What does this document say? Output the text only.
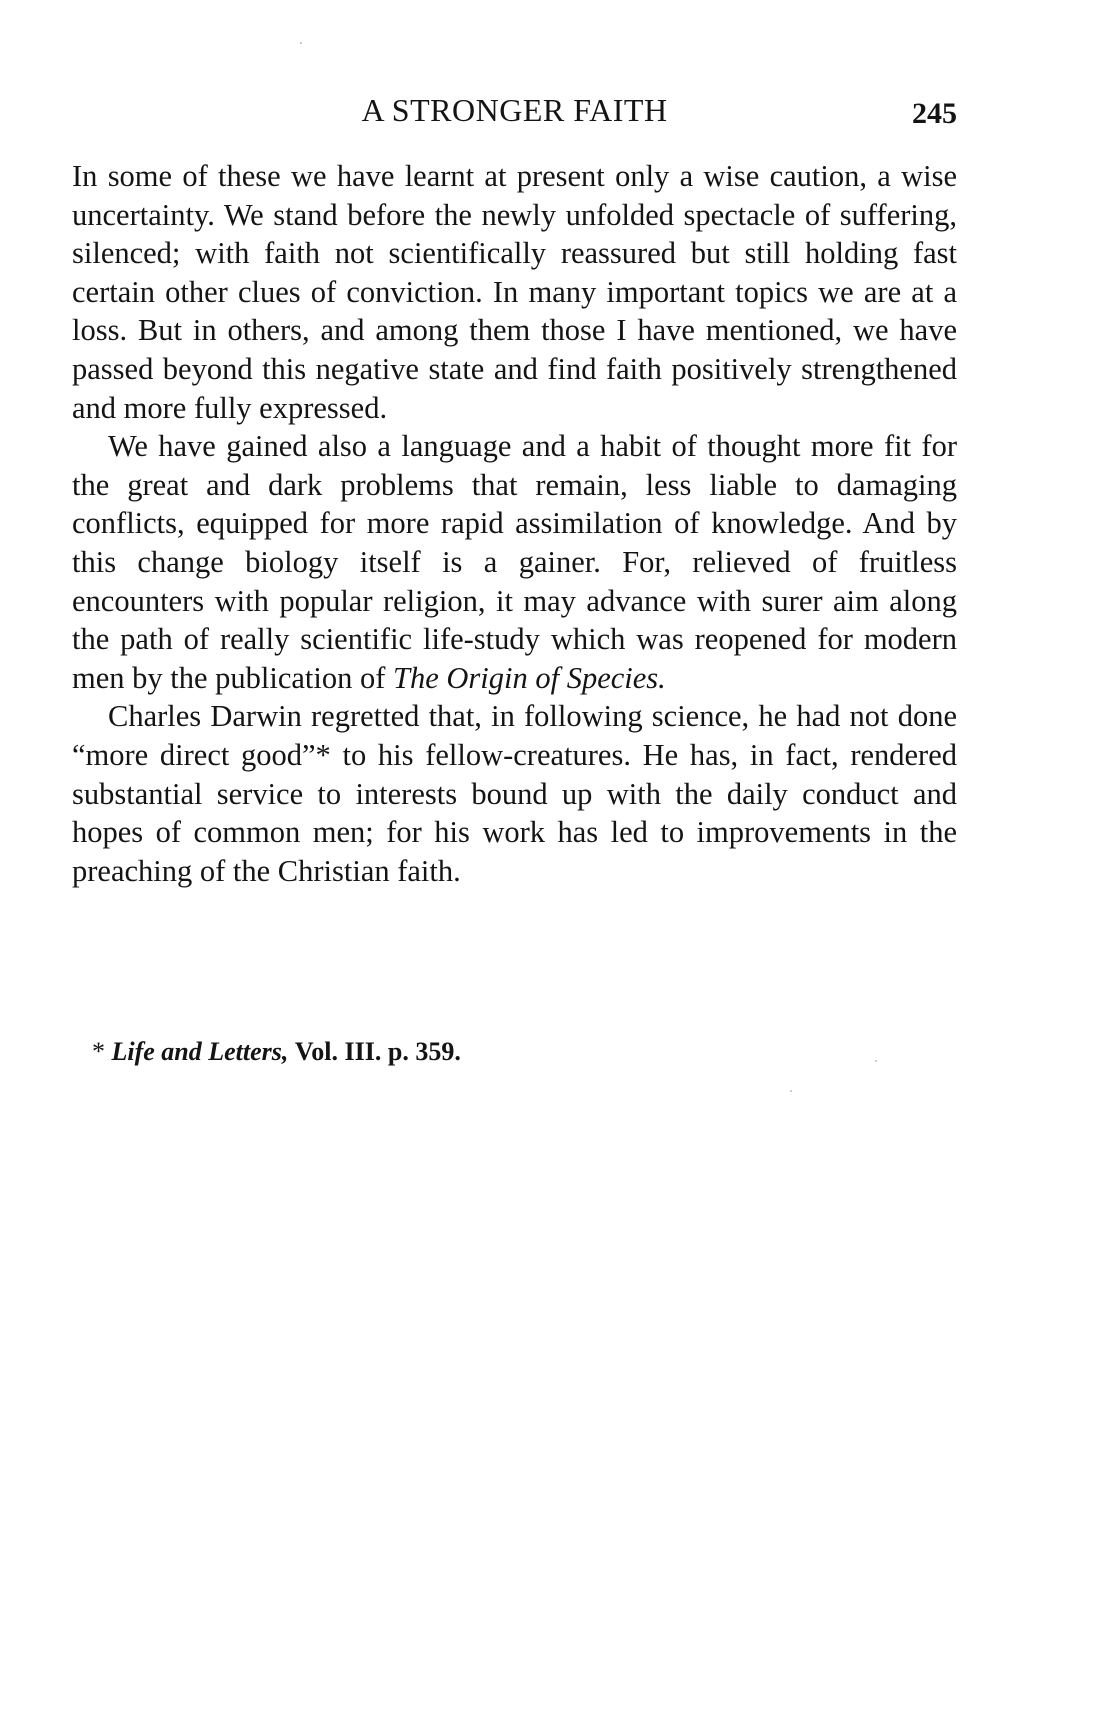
A STRONGER FAITH	245

In some of these we have learnt at present only a wise caution, a wise uncertainty. We stand before the newly unfolded spectacle of suffering, silenced; with faith not scientifically reassured but still holding fast certain other clues of conviction. In many important topics we are at a loss. But in others, and among them those I have mentioned, we have passed beyond this negative state and find faith positively strengthened and more fully expressed.

We have gained also a language and a habit of thought more fit for the great and dark problems that remain, less liable to damaging conflicts, equipped for more rapid assimilation of knowledge. And by this change biology itself is a gainer. For, relieved of fruitless encounters with popular religion, it may advance with surer aim along the path of really scientific life-study which was reopened for modern men by the publication of The Origin of Species.

Charles Darwin regretted that, in following science, he had not done “more direct good”* to his fellow-creatures. He has, in fact, rendered substantial service to interests bound up with the daily conduct and hopes of common men; for his work has led to improvements in the preaching of the Christian faith.

* Life and Letters, Vol. III. p. 359.
